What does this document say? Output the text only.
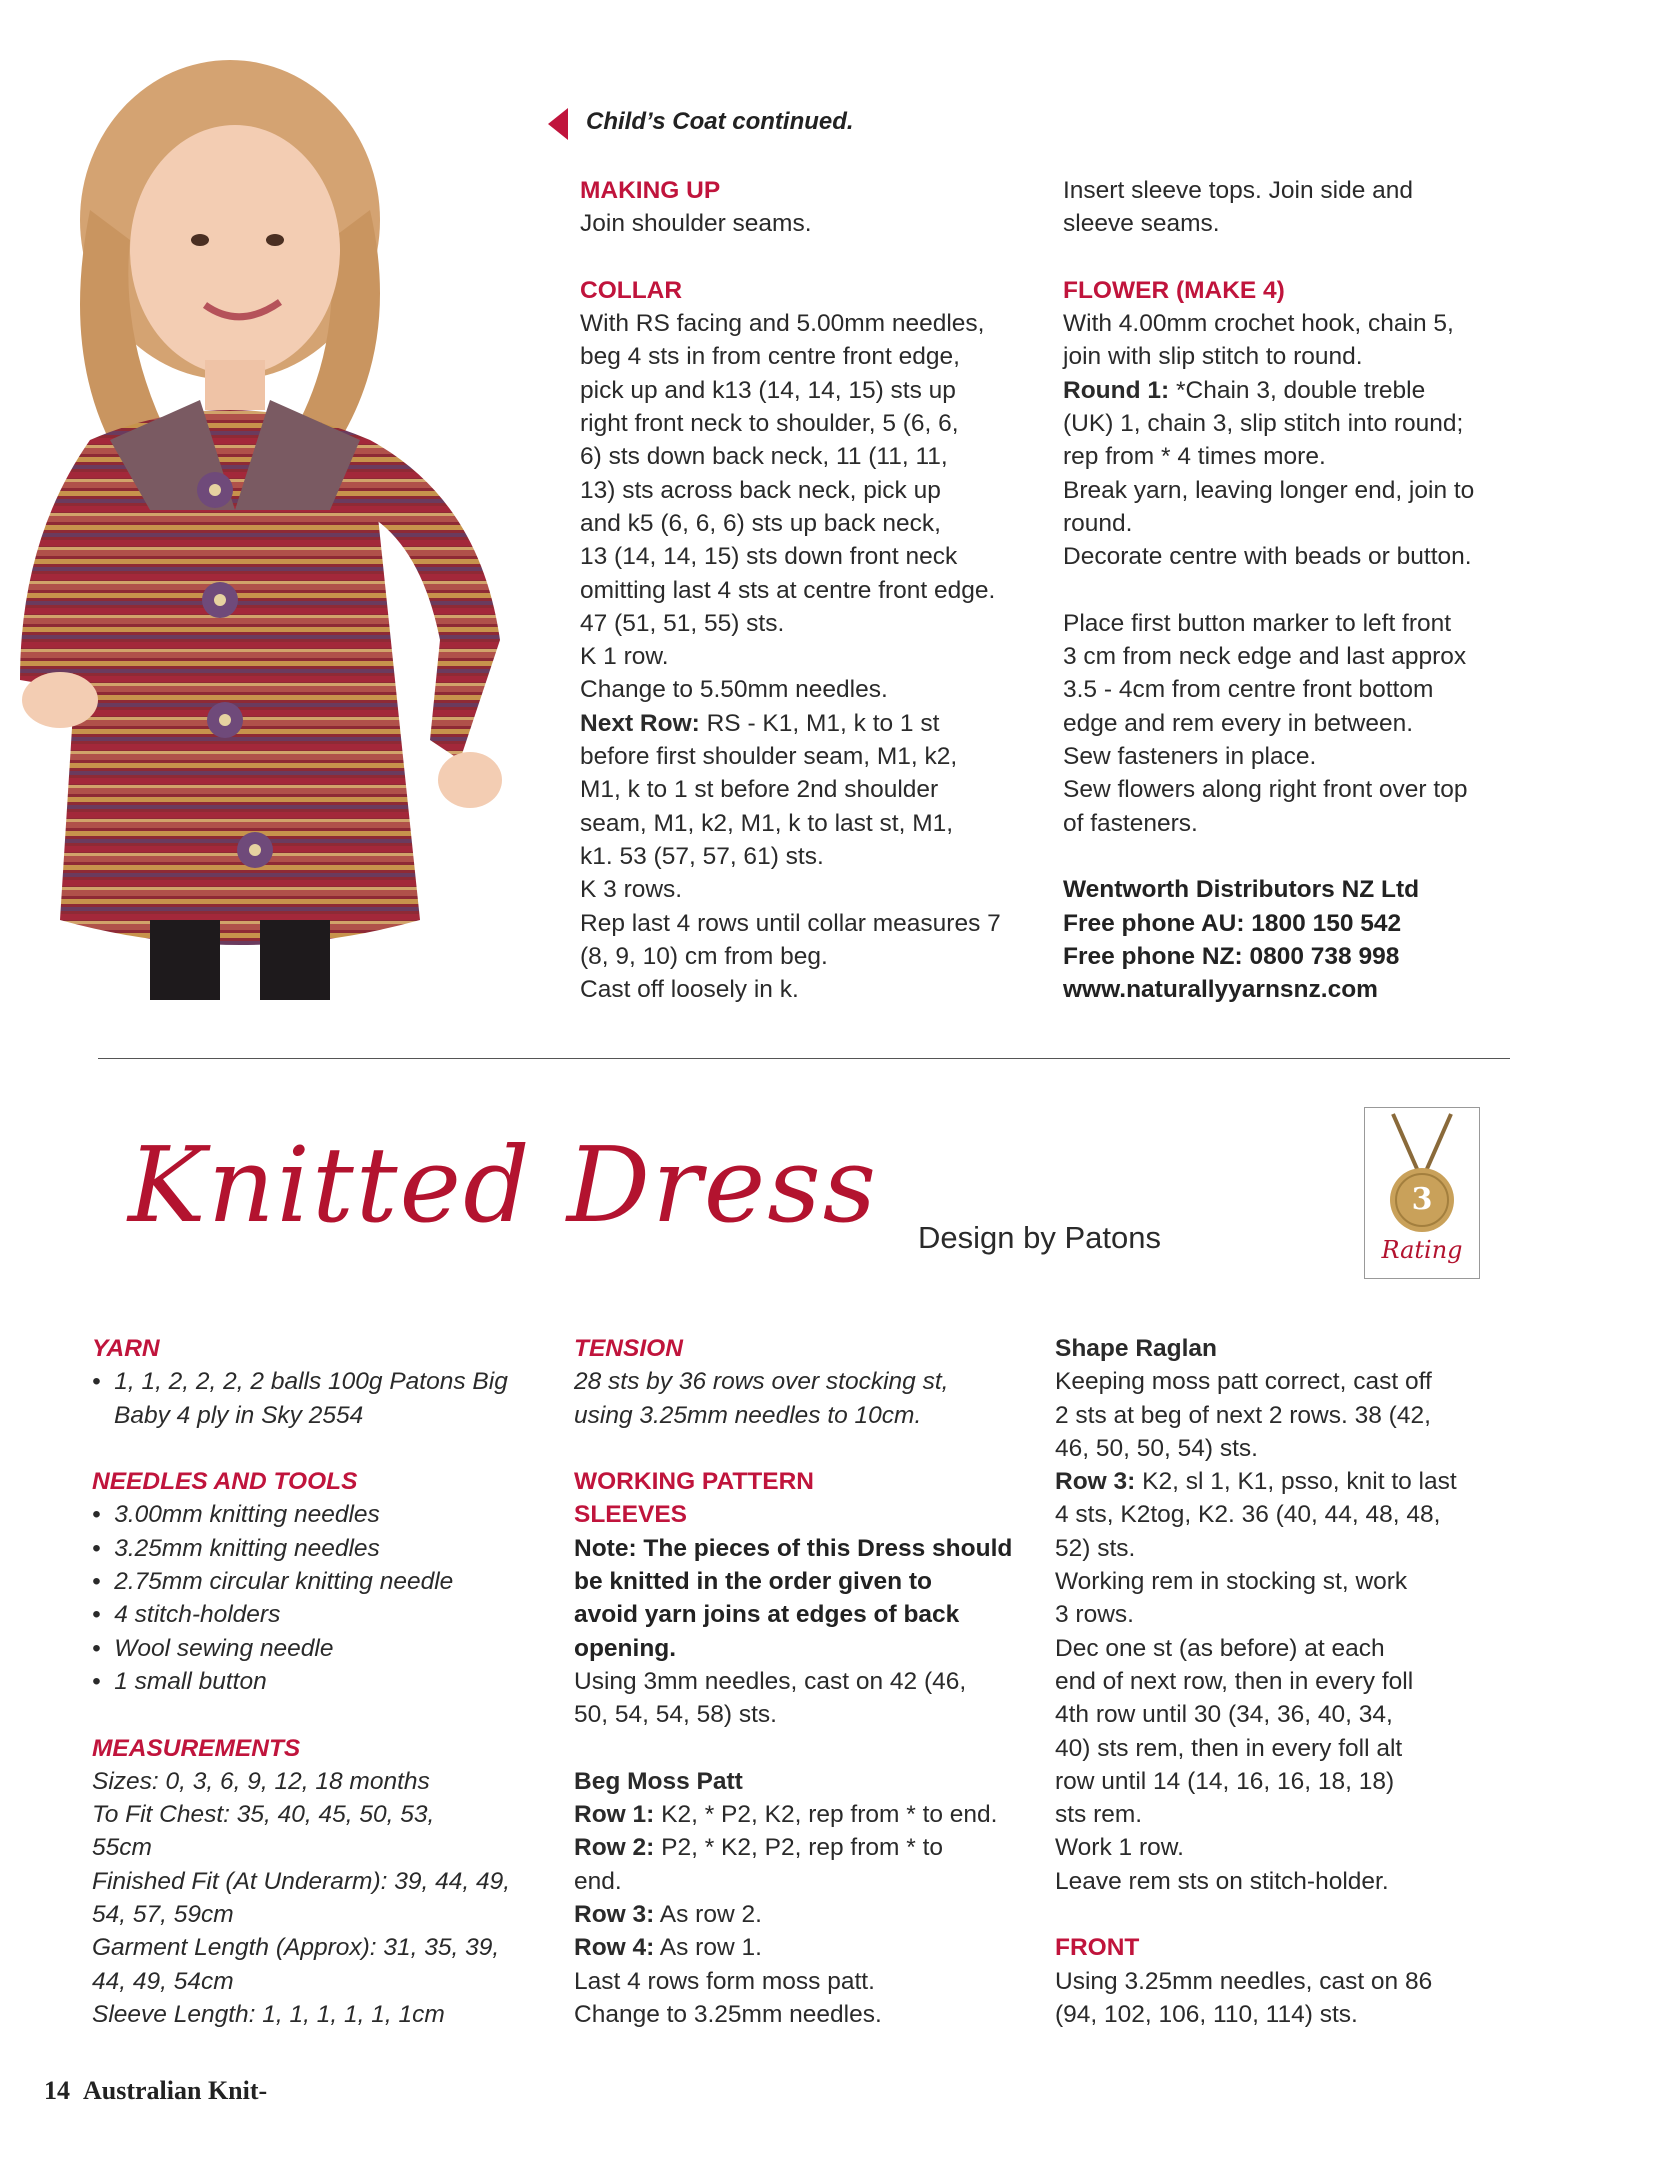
Child’s Coat continued.

MAKING UP

Join shoulder seams.

COLLAR

With RS facing and 5.00mm needles,

beg 4 sts in from centre front edge,

pick up and k13 (14, 14, 15) sts up

right front neck to shoulder, 5 (6, 6,

6) sts down back neck, 11 (11, 11,

13) sts across back neck, pick up

and k5 (6, 6, 6) sts up back neck,

13 (14, 14, 15) sts down front neck

omitting last 4 sts at centre front edge.

47 (51, 51, 55) sts.

K 1 row.

Change to 5.50mm needles.

Next Row: RS - K1, M1, k to 1 st

before first shoulder seam, M1, k2,

M1, k to 1 st before 2nd shoulder

seam, M1, k2, M1, k to last st, M1,

k1. 53 (57, 57, 61) sts.

K 3 rows.

Rep last 4 rows until collar measures 7

(8, 9, 10) cm from beg.

Cast off loosely in k.

Insert sleeve tops. Join side and

sleeve seams.

FLOWER (MAKE 4)

With 4.00mm crochet hook, chain 5,

join with slip stitch to round.

Round 1: *Chain 3, double treble

(UK) 1, chain 3, slip stitch into round;

rep from * 4 times more.

Break yarn, leaving longer end, join to

round.

Decorate centre with beads or button.

Place first button marker to left front

3 cm from neck edge and last approx

3.5 - 4cm from centre front bottom

edge and rem every in between.

Sew fasteners in place.

Sew flowers along right front over top

of fasteners.

Wentworth Distributors NZ Ltd

Free phone AU: 1800 150 542

Free phone NZ: 0800 738 998

www.naturallyyarnsnz.com

Knitted Dress Design by Patons
3
Rating

YARN

•  1, 1, 2, 2, 2, 2 balls 100g Patons Big Baby 4 ply in Sky 2554

NEEDLES AND TOOLS

•  3.00mm knitting needles

•  3.25mm knitting needles

•  2.75mm circular knitting needle

•  4 stitch-holders

•  Wool sewing needle

•  1 small button

MEASUREMENTS

Sizes: 0, 3, 6, 9, 12, 18 months

To Fit Chest: 35, 40, 45, 50, 53,

55cm

Finished Fit (At Underarm): 39, 44, 49,

54, 57, 59cm

Garment Length (Approx): 31, 35, 39,

44, 49, 54cm

Sleeve Length: 1, 1, 1, 1, 1, 1cm

TENSION

28 sts by 36 rows over stocking st,

using 3.25mm needles to 10cm.

WORKING PATTERN

SLEEVES

Note: The pieces of this Dress should

be knitted in the order given to

avoid yarn joins at edges of back

opening.

Using 3mm needles, cast on 42 (46,

50, 54, 54, 58) sts.

Beg Moss Patt

Row 1: K2, * P2, K2, rep from * to end.

Row 2: P2, * K2, P2, rep from * to

end.

Row 3: As row 2.

Row 4: As row 1.

Last 4 rows form moss patt.

Change to 3.25mm needles.

Shape Raglan

Keeping moss patt correct, cast off

2 sts at beg of next 2 rows. 38 (42,

46, 50, 50, 54) sts.

Row 3: K2, sl 1, K1, psso, knit to last

4 sts, K2tog, K2. 36 (40, 44, 48, 48,

52) sts.

Working rem in stocking st, work

3 rows.

Dec one st (as before) at each

end of next row, then in every foll

4th row until 30 (34, 36, 40, 34,

40) sts rem, then in every foll alt

row until 14 (14, 16, 16, 18, 18)

sts rem.

Work 1 row.

Leave rem sts on stitch-holder.

FRONT

Using 3.25mm needles, cast on 86

(94, 102, 106, 110, 114) sts.

14 Australian Knit-
